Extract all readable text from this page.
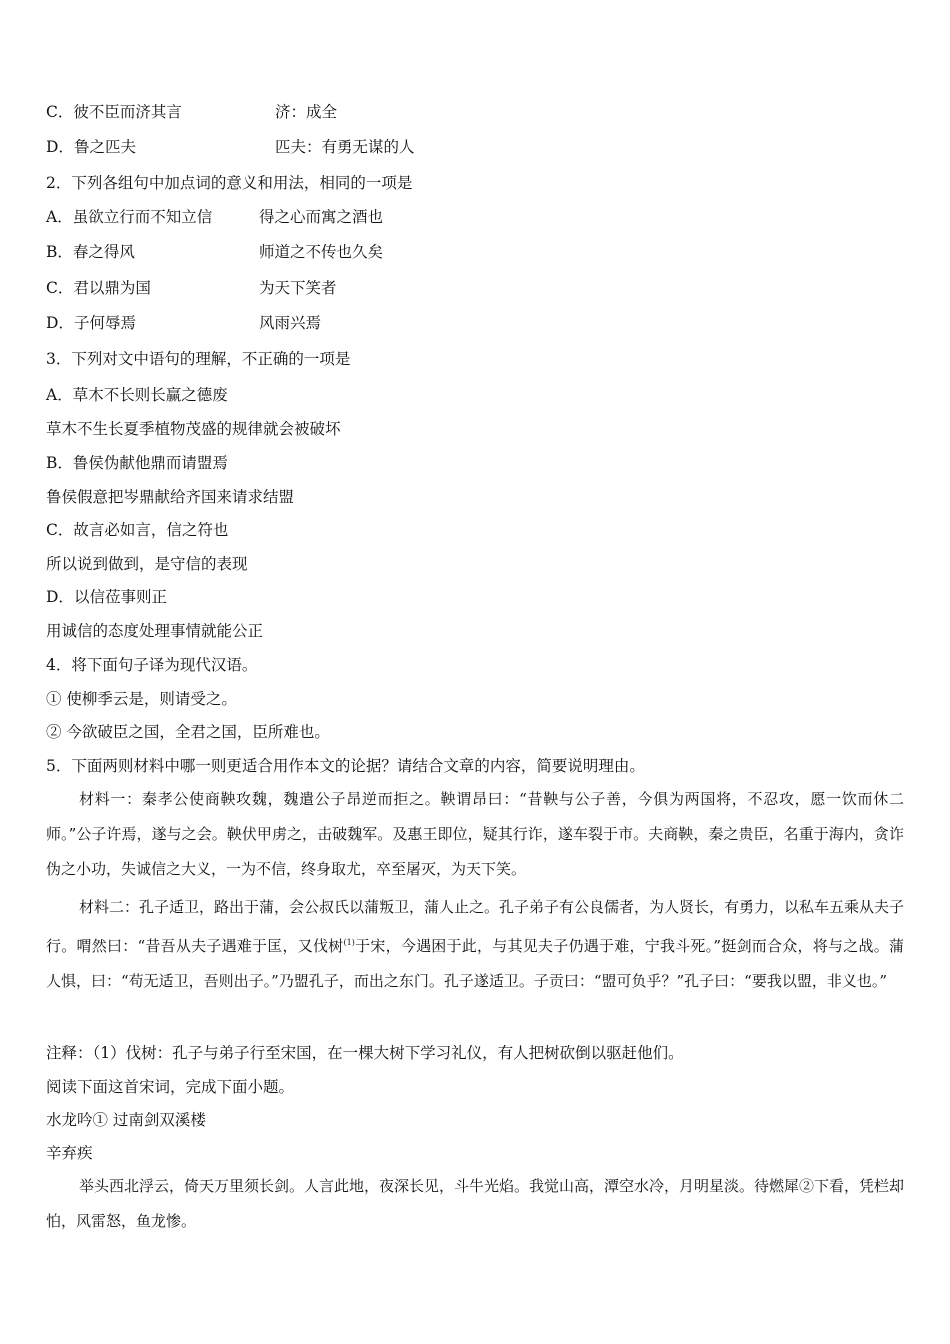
C．彼不臣而济其言	济：成全
D．鲁之匹夫	匹夫：有勇无谋的人
2．下列各组句中加点词的意义和用法，相同的一项是
A．虽欲立行而不知立信	得之心而寓之酒也
B．春之得风	师道之不传也久矣
C．君以鼎为国	为天下笑者
D．子何辱焉	风雨兴焉
3．下列对文中语句的理解，不正确的一项是
A．草木不长则长赢之德废
草木不生长夏季植物茂盛的规律就会被破坏
B．鲁侯伪献他鼎而请盟焉
鲁侯假意把岑鼎献给齐国来请求结盟
C．故言必如言，信之符也
所以说到做到，是守信的表现
D．以信莅事则正
用诚信的态度处理事情就能公正
4．将下面句子译为现代汉语。
① 使柳季云是，则请受之。
② 今欲破臣之国，全君之国，臣所难也。
5．下面两则材料中哪一则更适合用作本文的论据？请结合文章的内容，简要说明理由。
材料一：秦孝公使商鞅攻魏，魏遣公子昂逆而拒之。鞅谓昂曰：“昔鞅与公子善，今俱为两国将，不忍攻，愿一饮而休二师。”公子许焉，遂与之会。鞅伏甲虏之，击破魏军。及惠王即位，疑其行诈，遂车裂于市。夫商鞅，秦之贵臣，名重于海内，贪诈伪之小功，失诚信之大义，一为不信，终身取尤，卒至屠灭，为天下笑。
材料二：孔子适卫，路出于蒲，会公叔氏以蒲叛卫，蒲人止之。孔子弟子有公良儒者，为人贤长，有勇力，以私车五乘从夫子行。喟然曰：“昔吾从夫子遇难于匡，又伐树$^{(1)}$于宋，今遇困于此，与其见夫子仍遇于难，宁我斗死。”挺剑而合众，将与之战。蒲人惧，曰：“苟无适卫，吾则出子。”乃盟孔子，而出之东门。孔子遂适卫。子贡曰：“盟可负乎？”孔子曰：“要我以盟，非义也。”
注释：（1）伐树：孔子与弟子行至宋国，在一棵大树下学习礼仪，有人把树砍倒以驱赶他们。
阅读下面这首宋词，完成下面小题。
水龙吟① 过南剑双溪楼
辛弃疾
举头西北浮云，倚天万里须长剑。人言此地，夜深长见，斗牛光焰。我觉山高，潭空水冷，月明星淡。待燃犀②下看，凭栏却怕，风雷怒，鱼龙惨。
